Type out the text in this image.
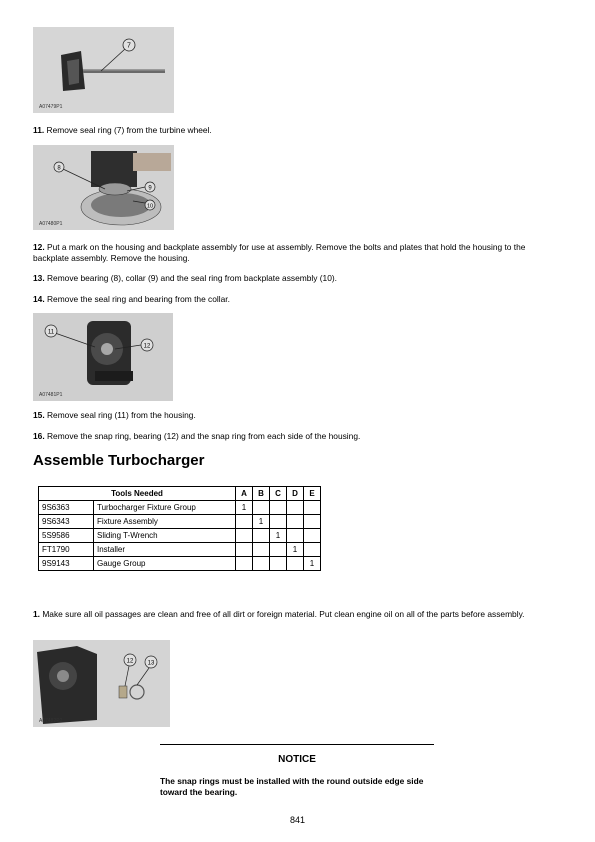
7
A07479P1
11. Remove seal ring (7) from the turbine wheel.
8
9
10
A07480P1
12. Put a mark on the housing and backplate assembly for use at assembly. Remove the bolts and plates that hold the housing to the backplate assembly. Remove the housing.
13. Remove bearing (8), collar (9) and the seal ring from backplate assembly (10).
14. Remove the seal ring and bearing from the collar.
11
12
A07481P1
15. Remove seal ring (11) from the housing.
16. Remove the snap ring, bearing (12) and the snap ring from each side of the housing.
Assemble Turbocharger
Tools Needed		A	B	C	D	E
9S6363	Turbocharger Fixture Group	1				
9S6343	Fixture Assembly		1			
5S9586	Sliding T-Wrench			1		
FT1790	Installer				1	
9S9143	Gauge Group					1
1. Make sure all oil passages are clean and free of all dirt or foreign material. Put clean engine oil on all of the parts before assembly.
12 13
A07482P2
NOTICE
The snap rings must be installed with the round outside edge side toward the bearing.
841
